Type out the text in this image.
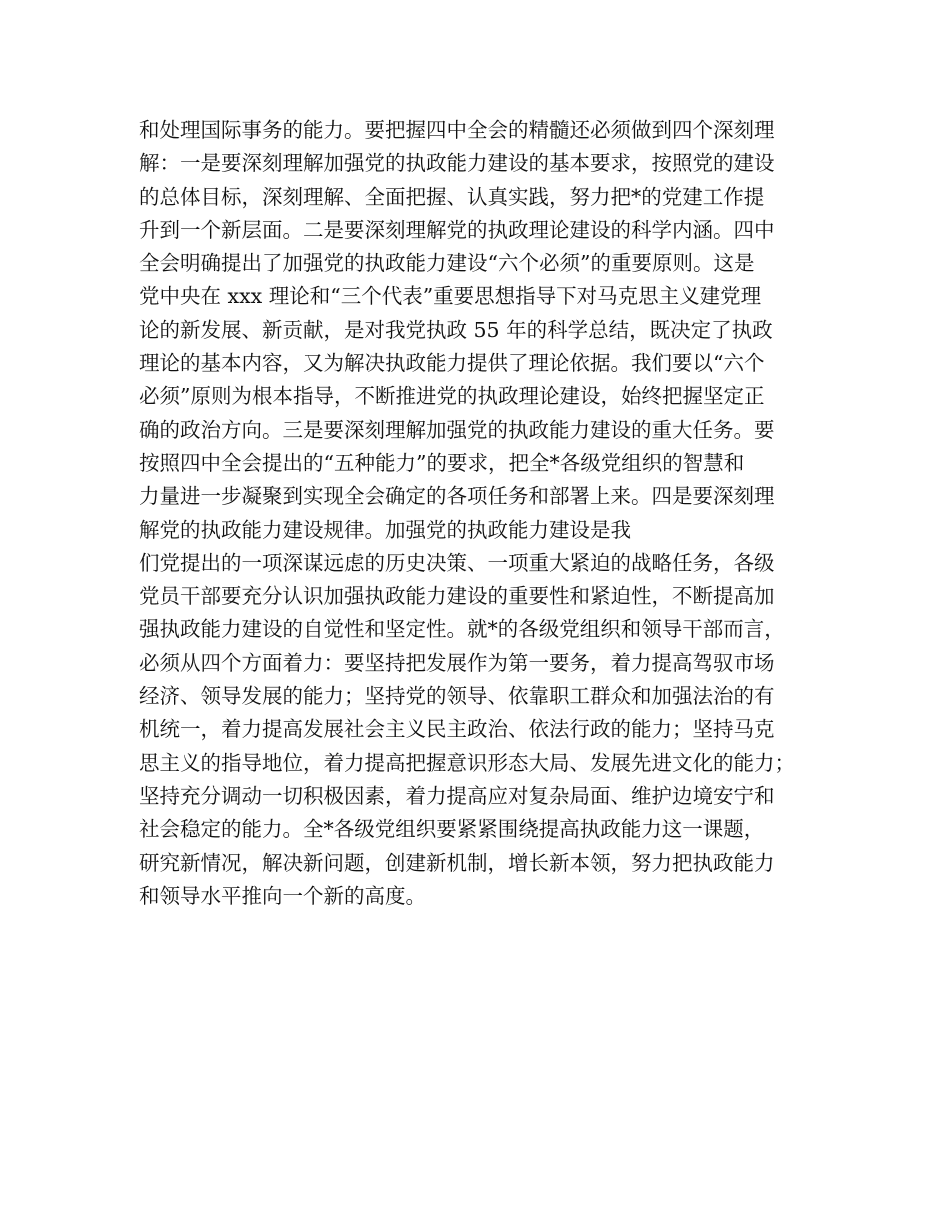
和处理国际事务的能力。要把握四中全会的精髓还必须做到四个深刻理
解：一是要深刻理解加强党的执政能力建设的基本要求，按照党的建设
的总体目标，深刻理解、全面把握、认真实践，努力把*的党建工作提
升到一个新层面。二是要深刻理解党的执政理论建设的科学内涵。四中
全会明确提出了加强党的执政能力建设“六个必须”的重要原则。这是
党中央在 xxx 理论和“三个代表”重要思想指导下对马克思主义建党理
论的新发展、新贡献，是对我党执政 55 年的科学总结，既决定了执政
理论的基本内容，又为解决执政能力提供了理论依据。我们要以“六个
必须”原则为根本指导，不断推进党的执政理论建设，始终把握坚定正
确的政治方向。三是要深刻理解加强党的执政能力建设的重大任务。要
按照四中全会提出的“五种能力”的要求，把全*各级党组织的智慧和
力量进一步凝聚到实现全会确定的各项任务和部署上来。四是要深刻理
解党的执政能力建设规律。加强党的执政能力建设是我
们党提出的一项深谋远虑的历史决策、一项重大紧迫的战略任务，各级
党员干部要充分认识加强执政能力建设的重要性和紧迫性，不断提高加
强执政能力建设的自觉性和坚定性。就*的各级党组织和领导干部而言，
必须从四个方面着力：要坚持把发展作为第一要务，着力提高驾驭市场
经济、领导发展的能力；坚持党的领导、依靠职工群众和加强法治的有
机统一，着力提高发展社会主义民主政治、依法行政的能力；坚持马克
思主义的指导地位，着力提高把握意识形态大局、发展先进文化的能力；
坚持充分调动一切积极因素，着力提高应对复杂局面、维护边境安宁和
社会稳定的能力。全*各级党组织要紧紧围绕提高执政能力这一课题，
研究新情况，解决新问题，创建新机制，增长新本领，努力把执政能力
和领导水平推向一个新的高度。
